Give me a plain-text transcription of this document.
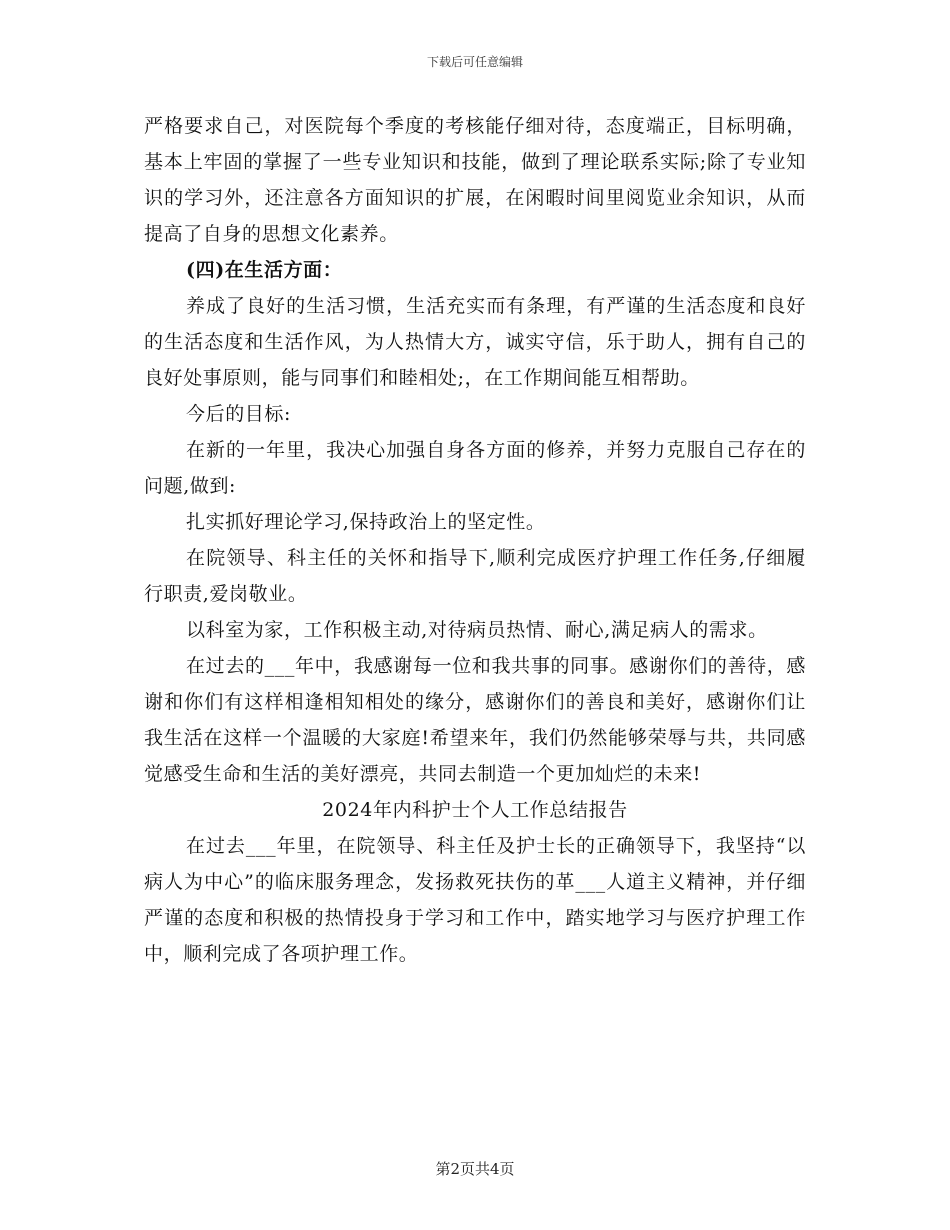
下载后可任意编辑

严格要求自己，对医院每个季度的考核能仔细对待，态度端正，目标明确，基本上牢固的掌握了一些专业知识和技能，做到了理论联系实际;除了专业知识的学习外，还注意各方面知识的扩展，在闲暇时间里阅览业余知识，从而提高了自身的思想文化素养。

(四)在生活方面：

养成了良好的生活习惯，生活充实而有条理，有严谨的生活态度和良好的生活态度和生活作风，为人热情大方，诚实守信，乐于助人，拥有自己的良好处事原则，能与同事们和睦相处;，在工作期间能互相帮助。

今后的目标:

在新的一年里，我决心加强自身各方面的修养，并努力克服自己存在的问题,做到:

扎实抓好理论学习,保持政治上的坚定性。

在院领导、科主任的关怀和指导下,顺利完成医疗护理工作任务,仔细履行职责,爱岗敬业。

以科室为家，工作积极主动,对待病员热情、耐心,满足病人的需求。

在过去的___年中，我感谢每一位和我共事的同事。感谢你们的善待，感谢和你们有这样相逢相知相处的缘分，感谢你们的善良和美好，感谢你们让我生活在这样一个温暖的大家庭!希望来年，我们仍然能够荣辱与共，共同感觉感受生命和生活的美好漂亮，共同去制造一个更加灿烂的未来!

2024年内科护士个人工作总结报告

在过去___年里，在院领导、科主任及护士长的正确领导下，我坚持“以病人为中心”的临床服务理念，发扬救死扶伤的革___人道主义精神，并仔细严谨的态度和积极的热情投身于学习和工作中，踏实地学习与医疗护理工作中，顺利完成了各项护理工作。

第2页共4页
